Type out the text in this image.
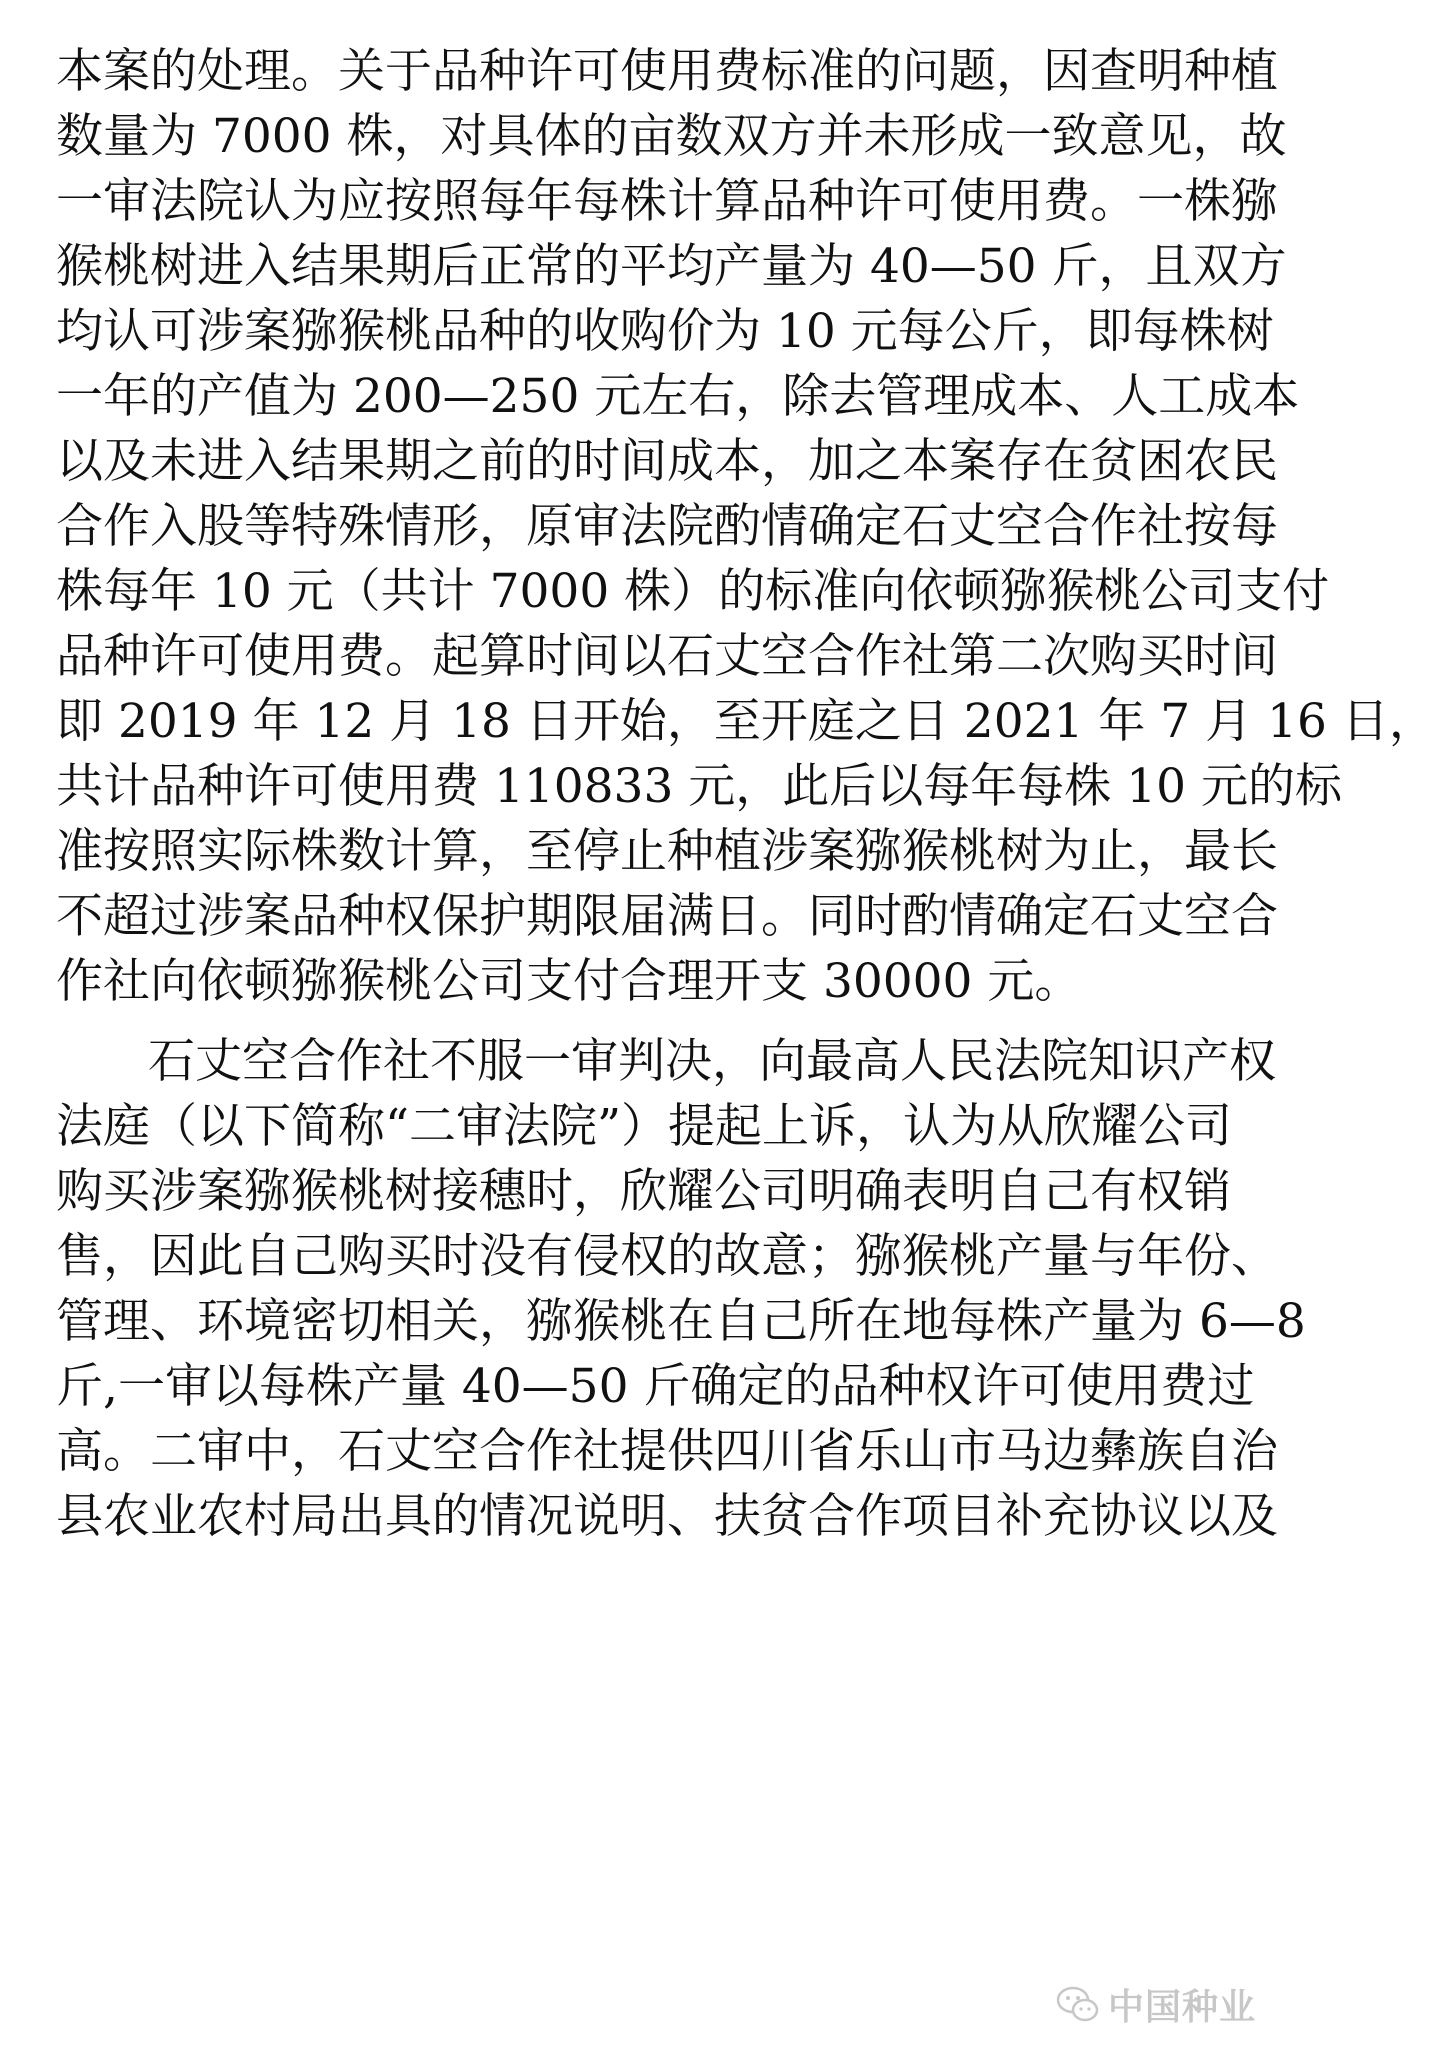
本案的处理。关于品种许可使用费标准的问题，因查明种植
数量为 7000 株，对具体的亩数双方并未形成一致意见，故
一审法院认为应按照每年每株计算品种许可使用费。一株猕
猴桃树进入结果期后正常的平均产量为 40—50 斤，且双方
均认可涉案猕猴桃品种的收购价为 10 元每公斤，即每株树
一年的产值为 200—250 元左右，除去管理成本、人工成本
以及未进入结果期之前的时间成本，加之本案存在贫困农民
合作入股等特殊情形，原审法院酌情确定石丈空合作社按每
株每年 10 元（共计 7000 株）的标准向依顿猕猴桃公司支付
品种许可使用费。起算时间以石丈空合作社第二次购买时间
即 2019 年 12 月 18 日开始，至开庭之日 2021 年 7 月 16 日，
共计品种许可使用费 110833 元，此后以每年每株 10 元的标
准按照实际株数计算，至停止种植涉案猕猴桃树为止，最长
不超过涉案品种权保护期限届满日。同时酌情确定石丈空合
作社向依顿猕猴桃公司支付合理开支 30000 元。
石丈空合作社不服一审判决，向最高人民法院知识产权
法庭（以下简称“二审法院”）提起上诉，认为从欣耀公司
购买涉案猕猴桃树接穗时，欣耀公司明确表明自己有权销
售，因此自己购买时没有侵权的故意；猕猴桃产量与年份、
管理、环境密切相关，猕猴桃在自己所在地每株产量为 6—8
斤,一审以每株产量 40—50 斤确定的品种权许可使用费过
高。二审中，石丈空合作社提供四川省乐山市马边彝族自治
县农业农村局出具的情况说明、扶贫合作项目补充协议以及
中国种业
